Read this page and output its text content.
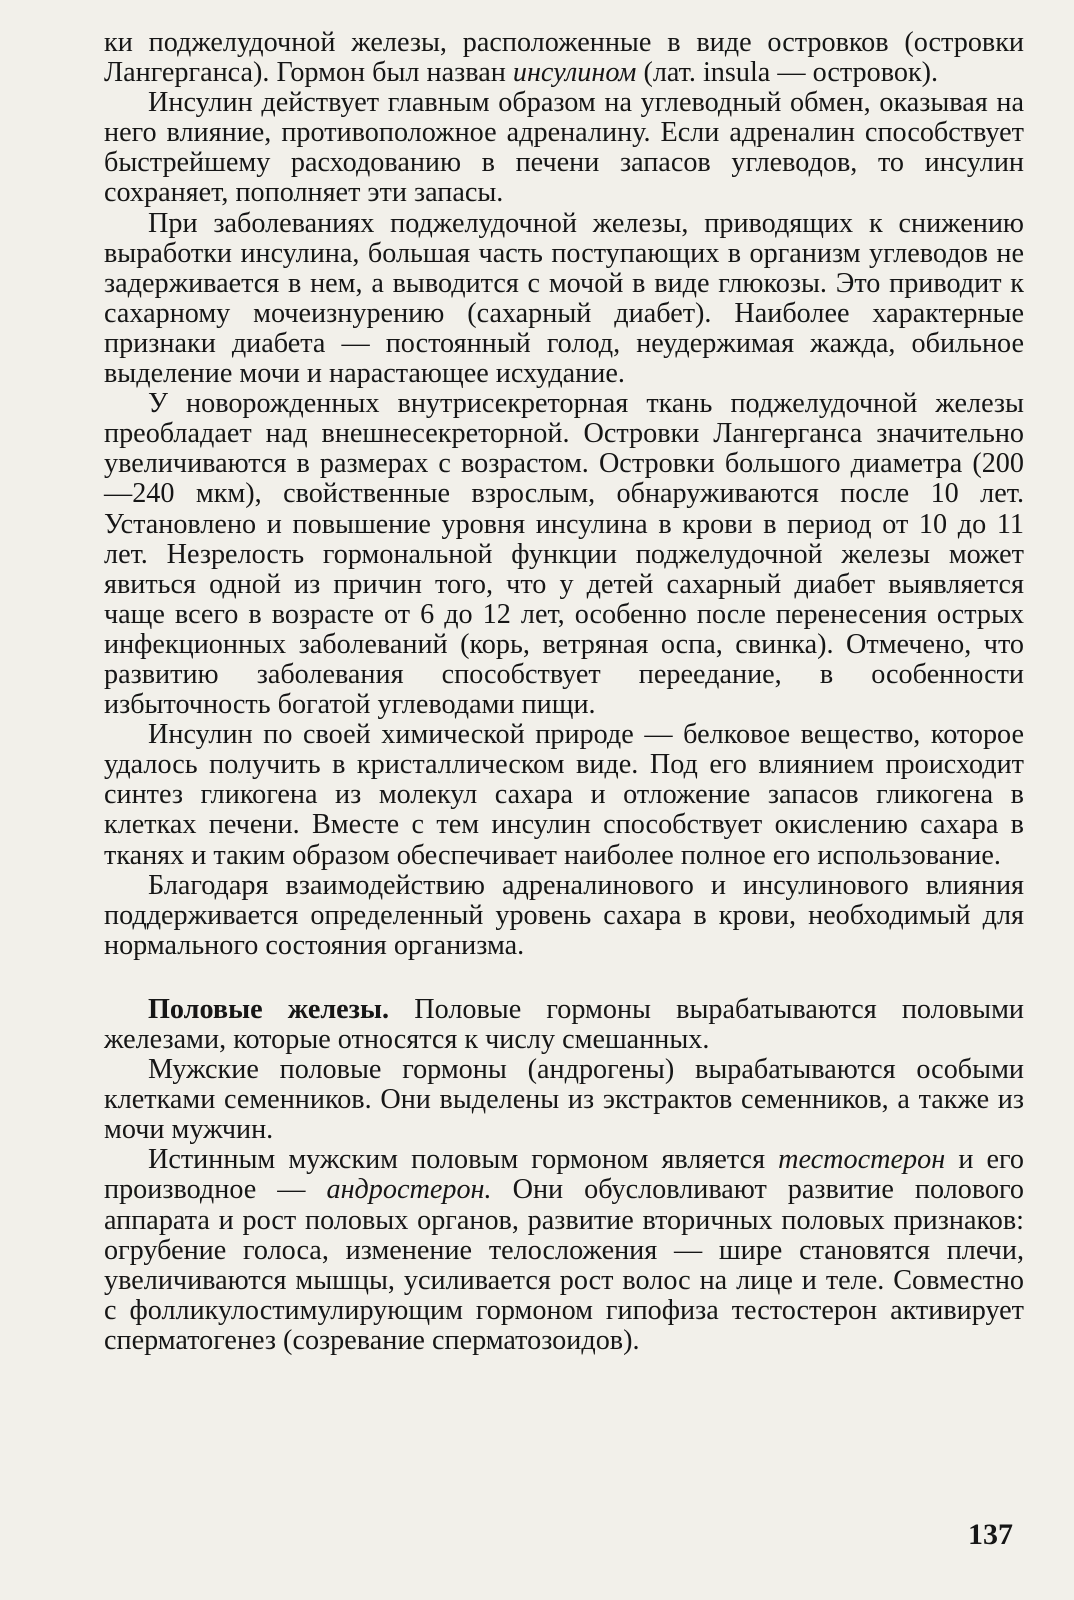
ки поджелудочной железы, расположенные в виде островков (островки Лангерганса). Гормон был назван инсулином (лат. insula — островок).

Инсулин действует главным образом на углеводный обмен, оказывая на него влияние, противоположное адреналину. Если адреналин способствует быстрейшему расходованию в печени запасов углеводов, то инсулин сохраняет, пополняет эти запасы.

При заболеваниях поджелудочной железы, приводящих к снижению выработки инсулина, большая часть поступающих в организм углеводов не задерживается в нем, а выводится с мочой в виде глюкозы. Это приводит к сахарному мочеизнурению (сахарный диабет). Наиболее характерные признаки диабета — постоянный голод, неудержимая жажда, обильное выделение мочи и нарастающее исхудание.

У новорожденных внутрисекреторная ткань поджелудочной железы преобладает над внешнесекреторной. Островки Лангерганса значительно увеличиваются в размерах с возрастом. Островки большого диаметра (200—240 мкм), свойственные взрослым, обнаруживаются после 10 лет. Установлено и повышение уровня инсулина в крови в период от 10 до 11 лет. Незрелость гормональной функции поджелудочной железы может явиться одной из причин того, что у детей сахарный диабет выявляется чаще всего в возрасте от 6 до 12 лет, особенно после перенесения острых инфекционных заболеваний (корь, ветряная оспа, свинка). Отмечено, что развитию заболевания способствует переедание, в особенности избыточность богатой углеводами пищи.

Инсулин по своей химической природе — белковое вещество, которое удалось получить в кристаллическом виде. Под его влиянием происходит синтез гликогена из молекул сахара и отложение запасов гликогена в клетках печени. Вместе с тем инсулин способствует окислению сахара в тканях и таким образом обеспечивает наиболее полное его использование.

Благодаря взаимодействию адреналинового и инсулинового влияния поддерживается определенный уровень сахара в крови, необходимый для нормального состояния организма.

Половые железы. Половые гормоны вырабатываются половыми железами, которые относятся к числу смешанных.

Мужские половые гормоны (андрогены) вырабатываются особыми клетками семенников. Они выделены из экстрактов семенников, а также из мочи мужчин.

Истинным мужским половым гормоном является тестостерон и его производное — андростерон. Они обусловливают развитие полового аппарата и рост половых органов, развитие вторичных половых признаков: огрубение голоса, изменение телосложения — шире становятся плечи, увеличиваются мышцы, усиливается рост волос на лице и теле. Совместно с фолликулостимулирующим гормоном гипофиза тестостерон активирует сперматогенез (созревание сперматозоидов).

137
